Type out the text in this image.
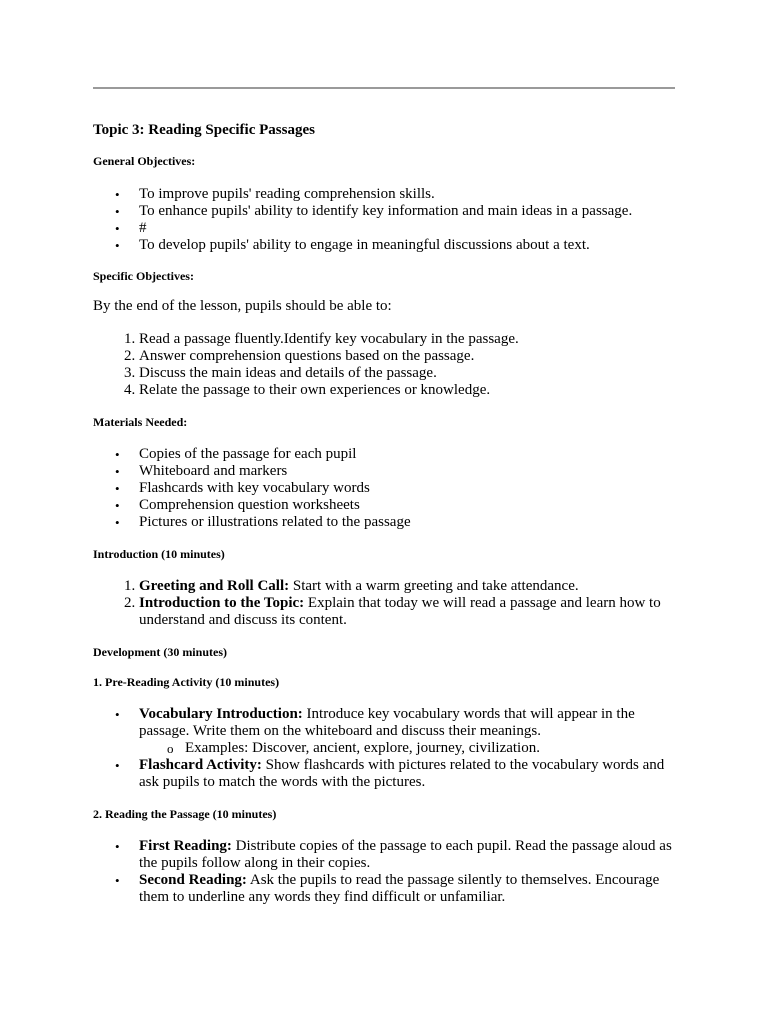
Topic 3: Reading Specific Passages
General Objectives:
• To improve pupils' reading comprehension skills.
• To enhance pupils' ability to identify key information and main ideas in a passage.
• #
• To develop pupils' ability to engage in meaningful discussions about a text.
Specific Objectives:

By the end of the lesson, pupils should be able to:

1. Read a passage fluently.Identify key vocabulary in the passage.
2. Answer comprehension questions based on the passage.
3. Discuss the main ideas and details of the passage.
4. Relate the passage to their own experiences or knowledge.
Materials Needed:
• Copies of the passage for each pupil
• Whiteboard and markers
• Flashcards with key vocabulary words
• Comprehension question worksheets
• Pictures or illustrations related to the passage
Introduction (10 minutes)
1. Greeting and Roll Call: Start with a warm greeting and take attendance.
2. Introduction to the Topic: Explain that today we will read a passage and learn how to understand and discuss its content.
Development (30 minutes)
1. Pre-Reading Activity (10 minutes)
• Vocabulary Introduction: Introduce key vocabulary words that will appear in the passage. Write them on the whiteboard and discuss their meanings.
o Examples: Discover, ancient, explore, journey, civilization.
• Flashcard Activity: Show flashcards with pictures related to the vocabulary words and ask pupils to match the words with the pictures.
2. Reading the Passage (10 minutes)
• First Reading: Distribute copies of the passage to each pupil. Read the passage aloud as the pupils follow along in their copies.
• Second Reading: Ask the pupils to read the passage silently to themselves. Encourage them to underline any words they find difficult or unfamiliar.
